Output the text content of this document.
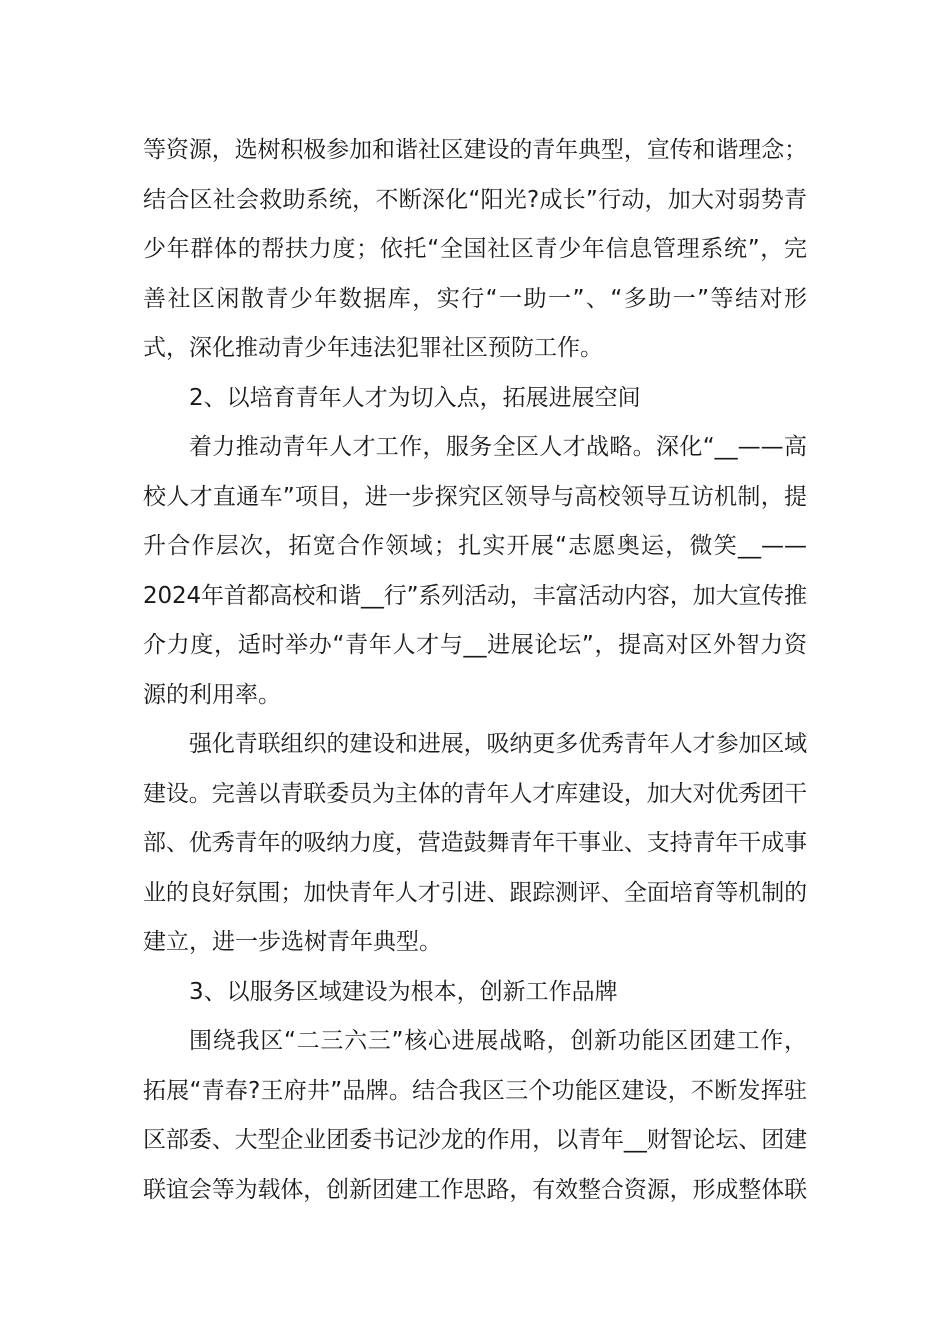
等资源，选树积极参加和谐社区建设的青年典型，宣传和谐理念；
结合区社会救助系统，不断深化“阳光?成长”行动，加大对弱势青
少年群体的帮扶力度；依托“全国社区青少年信息管理系统”，完
善社区闲散青少年数据库，实行“一助一”、“多助一”等结对形
式，深化推动青少年违法犯罪社区预防工作。
2、以培育青年人才为切入点，拓展进展空间
着力推动青年人才工作，服务全区人才战略。深化“__——高
校人才直通车”项目，进一步探究区领导与高校领导互访机制，提
升合作层次，拓宽合作领域；扎实开展“志愿奥运，微笑__——
2024年首都高校和谐__行”系列活动，丰富活动内容，加大宣传推
介力度，适时举办“青年人才与__进展论坛”，提高对区外智力资
源的利用率。
强化青联组织的建设和进展，吸纳更多优秀青年人才参加区域
建设。完善以青联委员为主体的青年人才库建设，加大对优秀团干
部、优秀青年的吸纳力度，营造鼓舞青年干事业、支持青年干成事
业的良好氛围；加快青年人才引进、跟踪测评、全面培育等机制的
建立，进一步选树青年典型。
3、以服务区域建设为根本，创新工作品牌
围绕我区“二三六三”核心进展战略，创新功能区团建工作，
拓展“青春?王府井”品牌。结合我区三个功能区建设，不断发挥驻
区部委、大型企业团委书记沙龙的作用，以青年__财智论坛、团建
联谊会等为载体，创新团建工作思路，有效整合资源，形成整体联
